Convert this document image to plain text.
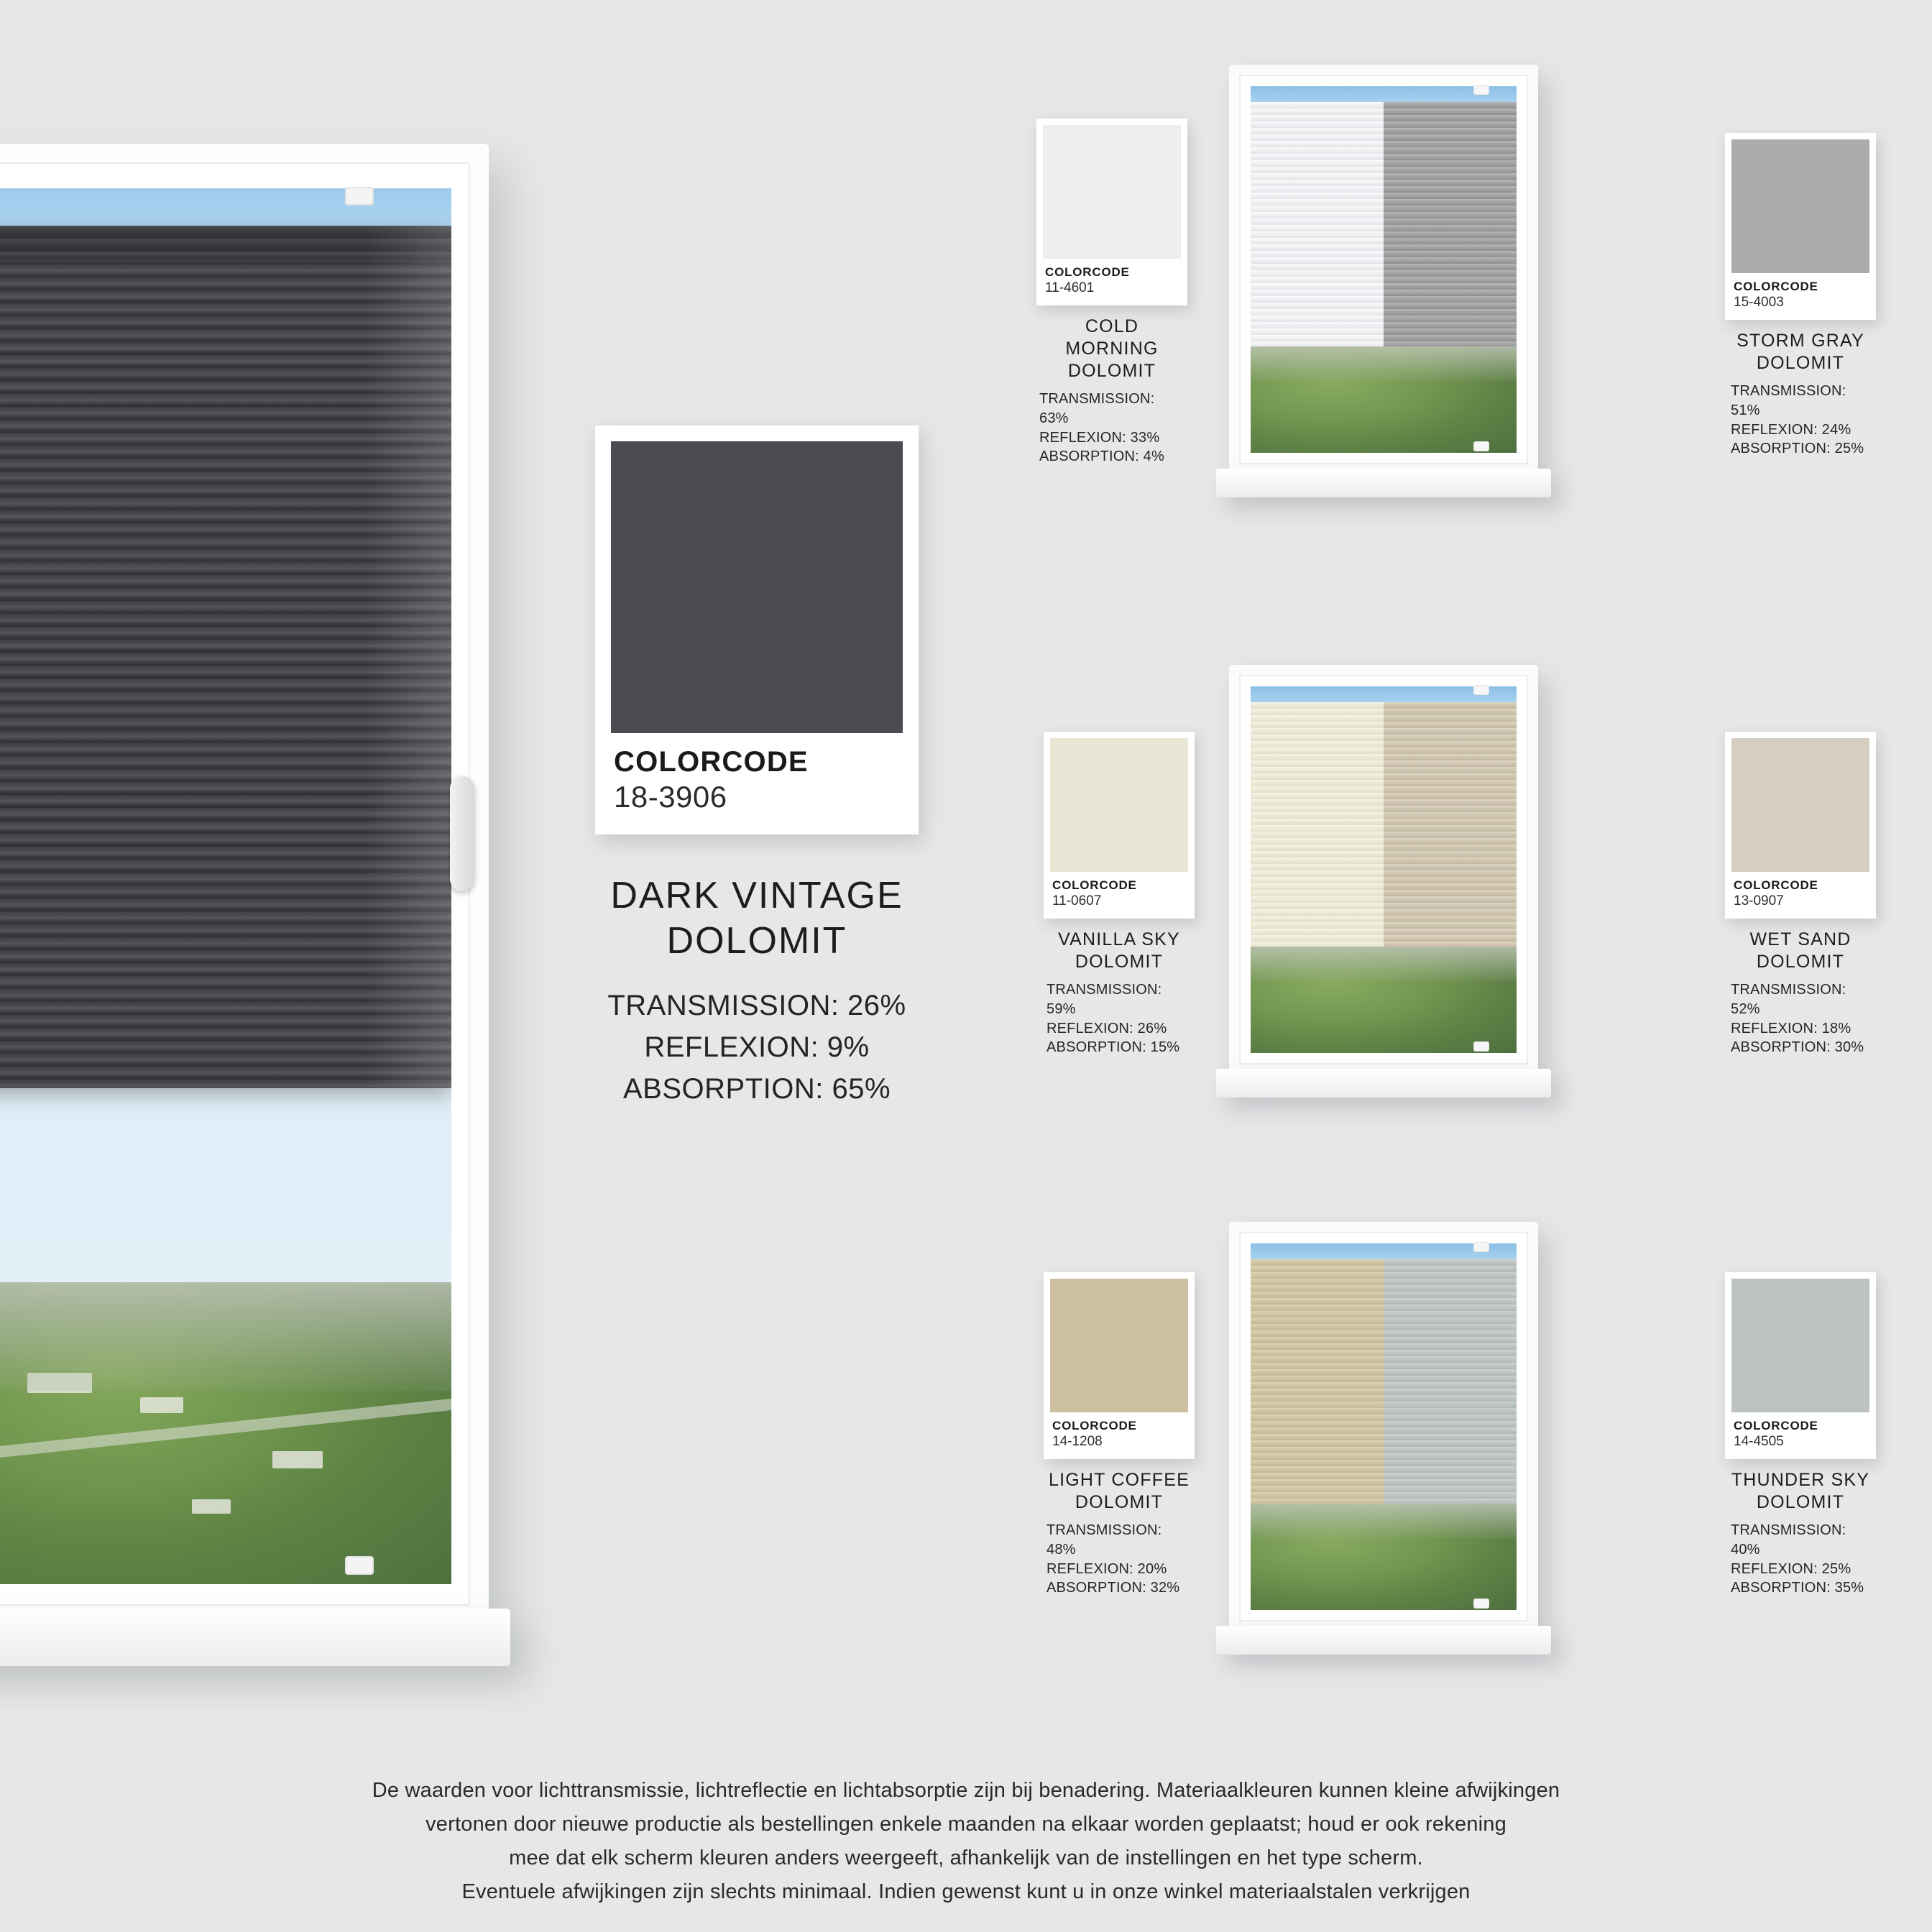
COLORCODE
18-3906
DARK VINTAGE
DOLOMIT
TRANSMISSION: 26%
REFLEXION: 9%
ABSORPTION: 65%
COLORCODE
11-4601
COLD MORNING
DOLOMIT
TRANSMISSION: 63%
REFLEXION: 33%
ABSORPTION: 4%
COLORCODE
15-4003
STORM GRAY
DOLOMIT
TRANSMISSION: 51%
REFLEXION: 24%
ABSORPTION: 25%
COLORCODE
11-0607
VANILLA SKY
DOLOMIT
TRANSMISSION: 59%
REFLEXION: 26%
ABSORPTION: 15%
COLORCODE
13-0907
WET SAND
DOLOMIT
TRANSMISSION: 52%
REFLEXION: 18%
ABSORPTION: 30%
COLORCODE
14-1208
LIGHT COFFEE
DOLOMIT
TRANSMISSION: 48%
REFLEXION: 20%
ABSORPTION: 32%
COLORCODE
14-4505
THUNDER SKY
DOLOMIT
TRANSMISSION: 40%
REFLEXION: 25%
ABSORPTION: 35%
De waarden voor lichttransmissie, lichtreflectie en lichtabsorptie zijn bij benadering. Materiaalkleuren kunnen kleine afwijkingen
vertonen door nieuwe productie als bestellingen enkele maanden na elkaar worden geplaatst; houd er ook rekening
mee dat elk scherm kleuren anders weergeeft, afhankelijk van de instellingen en het type scherm.
Eventuele afwijkingen zijn slechts minimaal. Indien gewenst kunt u in onze winkel materiaalstalen verkrijgen
